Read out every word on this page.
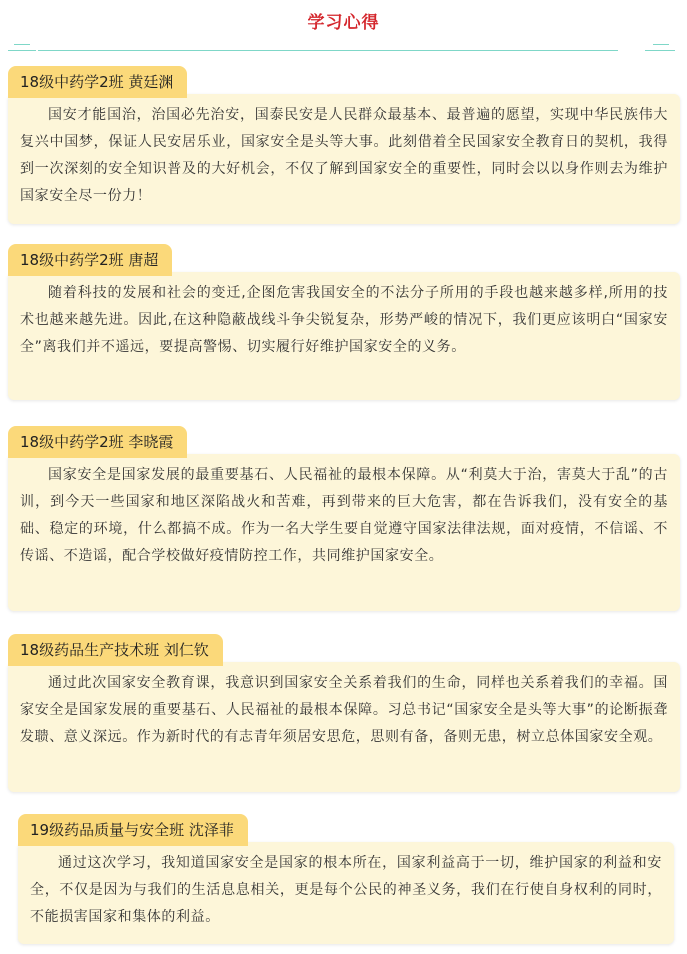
学习心得
18级中药学2班 黄廷渊

国安才能国治，治国必先治安，国泰民安是人民群众最基本、最普遍的愿望，实现中华民族伟大复兴中国梦，保证人民安居乐业，国家安全是头等大事。此刻借着全民国家安全教育日的契机，我得到一次深刻的安全知识普及的大好机会，不仅了解到国家安全的重要性，同时会以以身作则去为维护国家安全尽一份力！

18级中药学2班 唐超

随着科技的发展和社会的变迁,企图危害我国安全的不法分子所用的手段也越来越多样,所用的技术也越来越先进。因此,在这种隐蔽战线斗争尖锐复杂，形势严峻的情况下，我们更应该明白“国家安全”离我们并不遥远，要提高警惕、切实履行好维护国家安全的义务。

18级中药学2班 李晓霞

国家安全是国家发展的最重要基石、人民福祉的最根本保障。从“利莫大于治，害莫大于乱”的古训，到今天一些国家和地区深陷战火和苦难，再到带来的巨大危害，都在告诉我们，没有安全的基础、稳定的环境，什么都搞不成。作为一名大学生要自觉遵守国家法律法规，面对疫情，不信谣、不传谣、不造谣，配合学校做好疫情防控工作，共同维护国家安全。

18级药品生产技术班 刘仁钦

通过此次国家安全教育课，我意识到国家安全关系着我们的生命，同样也关系着我们的幸福。国家安全是国家发展的重要基石、人民福祉的最根本保障。习总书记“国家安全是头等大事”的论断振聋发聩、意义深远。作为新时代的有志青年须居安思危，思则有备，备则无患，树立总体国家安全观。

19级药品质量与安全班 沈泽菲

通过这次学习，我知道国家安全是国家的根本所在，国家利益高于一切，维护国家的利益和安全，不仅是因为与我们的生活息息相关，更是每个公民的神圣义务，我们在行使自身权利的同时，不能损害国家和集体的利益。
